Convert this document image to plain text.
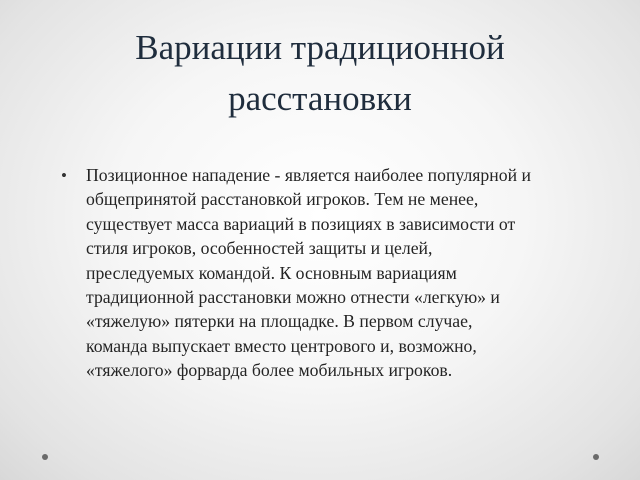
Вариации традиционной
расстановки
• Позиционное нападение - является наиболее популярной и
общепринятой расстановкой игроков. Тем не менее,
существует масса вариаций в позициях в зависимости от
стиля игроков, особенностей защиты и целей,
преследуемых командой. К основным вариациям
традиционной расстановки можно отнести «легкую» и
«тяжелую» пятерки на площадке. В первом случае,
команда выпускает вместо центрового и, возможно,
«тяжелого» форварда более мобильных игроков.
